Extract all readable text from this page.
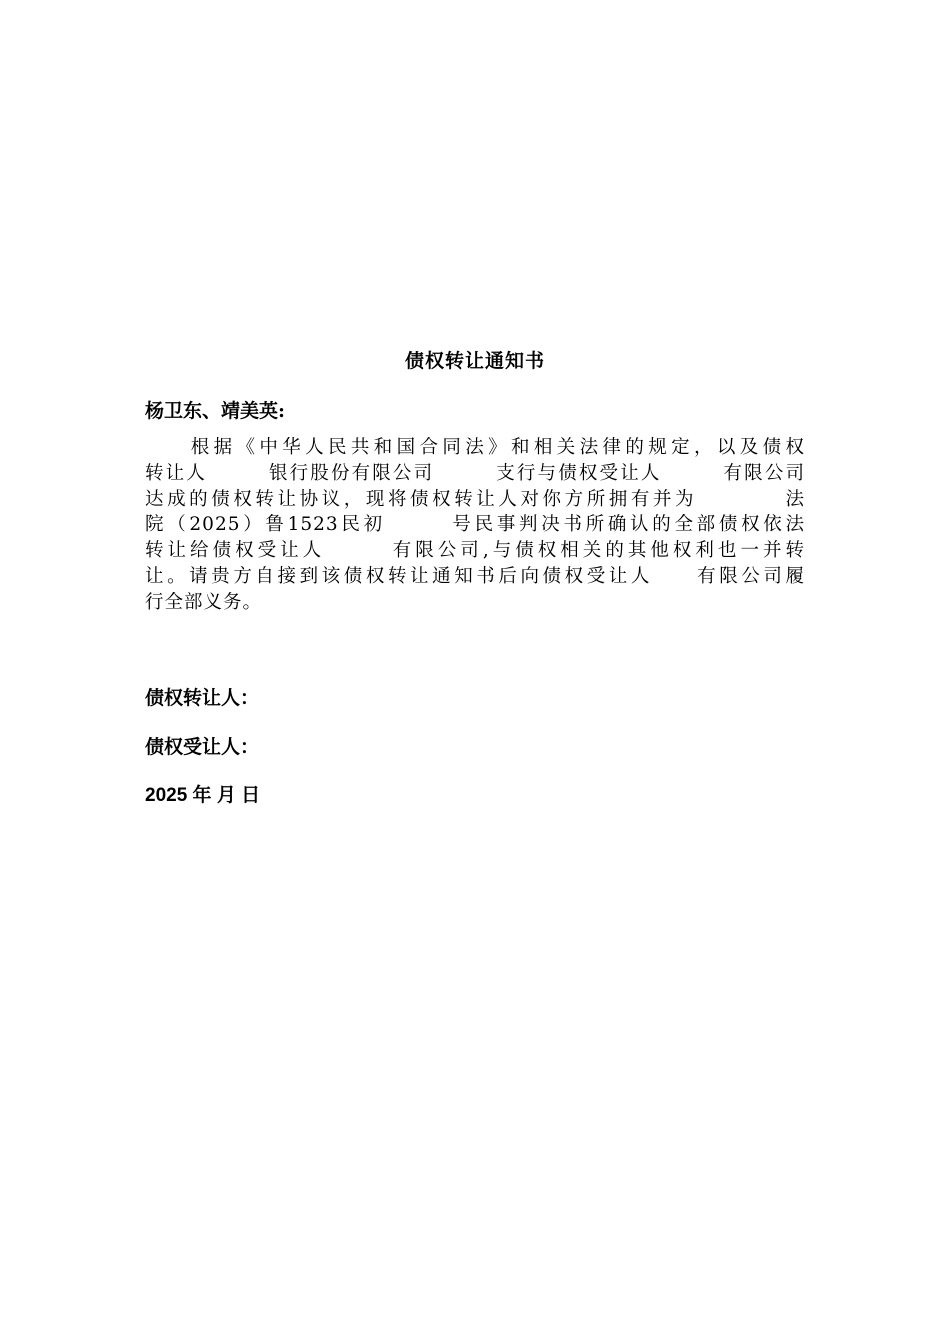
债权转让通知书
杨卫东、靖美英:
　　根据《中华人民共和国合同法》和相关法律的规定，以及债权
转让人　　　银行股份有限公司　　　支行与债权受让人　　　有限公司
达成的债权转让协议，现将债权转让人对你方所拥有并为　　　　法
院（2025）鲁1523民初　　　号民事判决书所确认的全部债权依法
转让给债权受让人　　　有限公司,与债权相关的其他权利也一并转
让。请贵方自接到该债权转让通知书后向债权受让人　　有限公司履
行全部义务。
债权转让人：
债权受让人：
2025 年 月 日
